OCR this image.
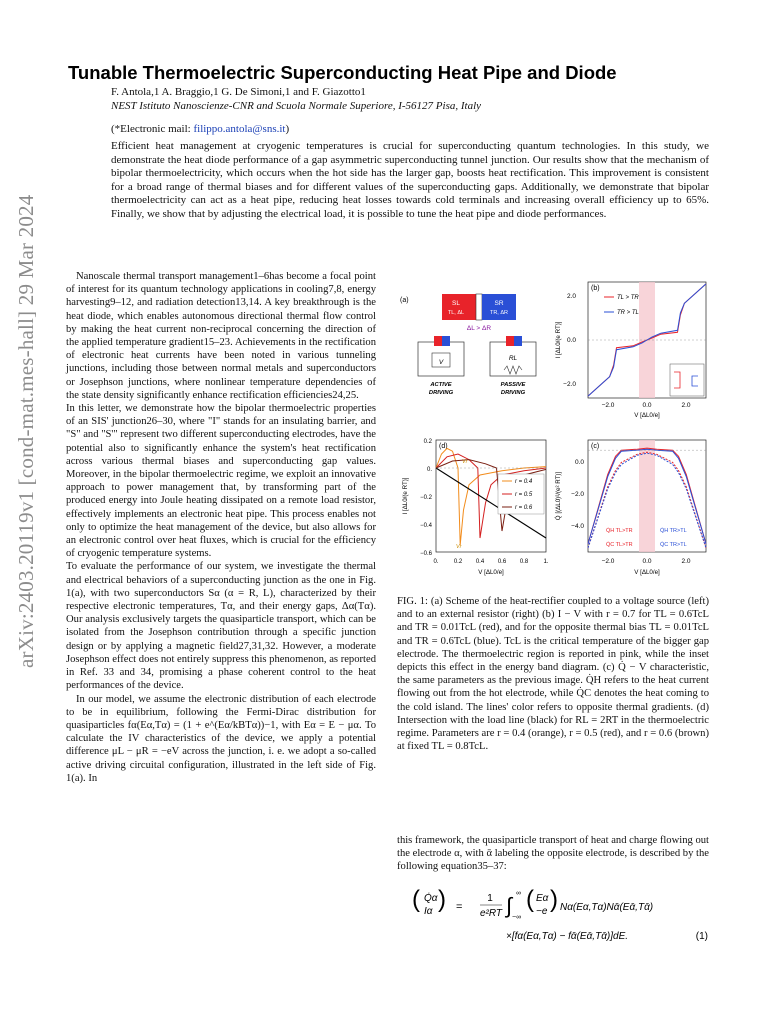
arXiv:2403.20119v1 [cond-mat.mes-hall] 29 Mar 2024
Tunable Thermoelectric Superconducting Heat Pipe and Diode
F. Antola,1 A. Braggio,1 G. De Simoni,1 and F. Giazotto1
NEST Istituto Nanoscienze-CNR and Scuola Normale Superiore, I-56127 Pisa, Italy
(*Electronic mail: filippo.antola@sns.it)
Efficient heat management at cryogenic temperatures is crucial for superconducting quantum technologies. In this study, we demonstrate the heat diode performance of a gap asymmetric superconducting tunnel junction. Our results show that the mechanism of bipolar thermoelectricity, which occurs when the hot side has the larger gap, boosts heat rectification. This improvement is consistent for a broad range of thermal biases and for different values of the superconducting gaps. Additionally, we demonstrate that bipolar thermoelectricity can act as a heat pipe, reducing heat losses towards cold terminals and increasing overall efficiency up to 65%. Finally, we show that by adjusting the electrical load, it is possible to tune the heat pipe and diode performances.

Nanoscale thermal transport management1–6has become a focal point of interest for its quantum technology applications in cooling7,8, energy harvesting9–12, and radiation detection13,14. A key breakthrough is the heat diode, which enables autonomous directional thermal flow control by making the heat current non-reciprocal concerning the direction of the applied temperature gradient15–23. Achievements in the rectification of electronic heat currents have been noted in various tunneling junctions, including those between normal metals and superconductors or Josephson junctions, where nonlinear temperature dependencies of the state density significantly enhance rectification efficiencies24,25.

In this letter, we demonstrate how the bipolar thermoelectric properties of an SIS' junction26–30, where "I" stands for an insulating barrier, and "S" and "S'" represent two different superconducting electrodes, have the potential also to significantly enhance the system's heat rectification across various thermal biases and superconducting gap values. Moreover, in the bipolar thermoelectric regime, we exploit an innovative approach to power management that, by transforming part of the produced energy into Joule heating dissipated on a remote load resistor, effectively implements an electronic heat pipe. This process enables not only to optimize the heat management of the device, but also allows for an electronic control over heat fluxes, which is crucial for the efficiency of cryogenic temperature systems.

To evaluate the performance of our system, we investigate the thermal and electrical behaviors of a superconducting junction as the one in Fig. 1(a), with two superconductors Sα (α = R, L), characterized by their respective electronic temperatures, Tα, and their energy gaps, Δα(Tα). Our analysis exclusively targets the quasiparticle transport, which can be isolated from the Josephson contribution through a specific junction design or by applying a magnetic field27,31,32. However, a moderate Josephson effect does not entirely suppress this phenomenon, as reported in Ref. 33 and 34, promising a phase coherent control to the heat performances of the device.

In our model, we assume the electronic distribution of each electrode to be in equilibrium, following the Fermi-Dirac distribution for quasiparticles fα(Eα,Tα) = (1 + e^(Eα/kBTα))−1, with Eα = E − μα. To calculate the IV characteristics of the device, we apply a potential difference μL − μR = −eV across the junction, i. e. we adopt a so-called active driving circuital configuration, illustrated in the left side of Fig. 1(a). In

(a)	SL
TL, ΔL
SR
TR, ΔR
ΔL > ΔR
V
ACTIVE
DRIVING
RL
PASSIVE
DRIVING
(b)
2.0
0.0
−2.0
−2.0	0.0	2.0
V [ΔL0/e]
I [ΔL0/(e RT)]
TL > TR
TR > TL
(d)
0.2
0.
−0.2
−0.4
−0.6
0.	0.2 0.4 0.6 0.8	1.
V [ΔL0/e]
I [ΔL0/(e RT)]	r = 0.4
r = 0.5
r = 0.6
Vr
Vr
(c)
0.0
−2.0
−4.0
−2.0	0.0	2.0
V [ΔL0/e]
Q̇ [(ΔL0)²/(e² RT)]
Q̇H TL>TR	Q̇H TR>TL
Q̇C TL>TR	Q̇C TR>TL
FIG. 1: (a) Scheme of the heat-rectifier coupled to a voltage source (left) and to an external resistor (right) (b) I − V with r = 0.7 for TL = 0.6TcL and TR = 0.01TcL (red), and for the opposite thermal bias TL = 0.01TcL and TR = 0.6TcL (blue). TcL is the critical temperature of the bigger gap electrode. The thermoelectric region is reported in pink, while the inset depicts this effect in the energy band diagram. (c) Q̇ − V characteristic, the same parameters as the previous image. Q̇H refers to the heat current flowing out from the hot electrode, while Q̇C denotes the heat coming to the cold island. The lines' color refers to opposite thermal gradients. (d) Intersection with the load line (black) for RL = 2RT in the thermoelectric regime. Parameters are r = 0.4 (orange), r = 0.5 (red), and r = 0.6 (brown) at fixed TL = 0.8TcL.
this framework, the quasiparticle transport of heat and charge flowing out the electrode α, with ᾱ labeling the opposite electrode, is described by the following equation35–37:
( Q̇α
Iα ) =
1
e²RT ∫ ∞
−∞
( Eα
−e ) Nα(Eα,Tα)Nᾱ(Eᾱ,Tᾱ)
×[fα(Eα,Tα) − fᾱ(Eᾱ,Tᾱ)]dE.	(1)
